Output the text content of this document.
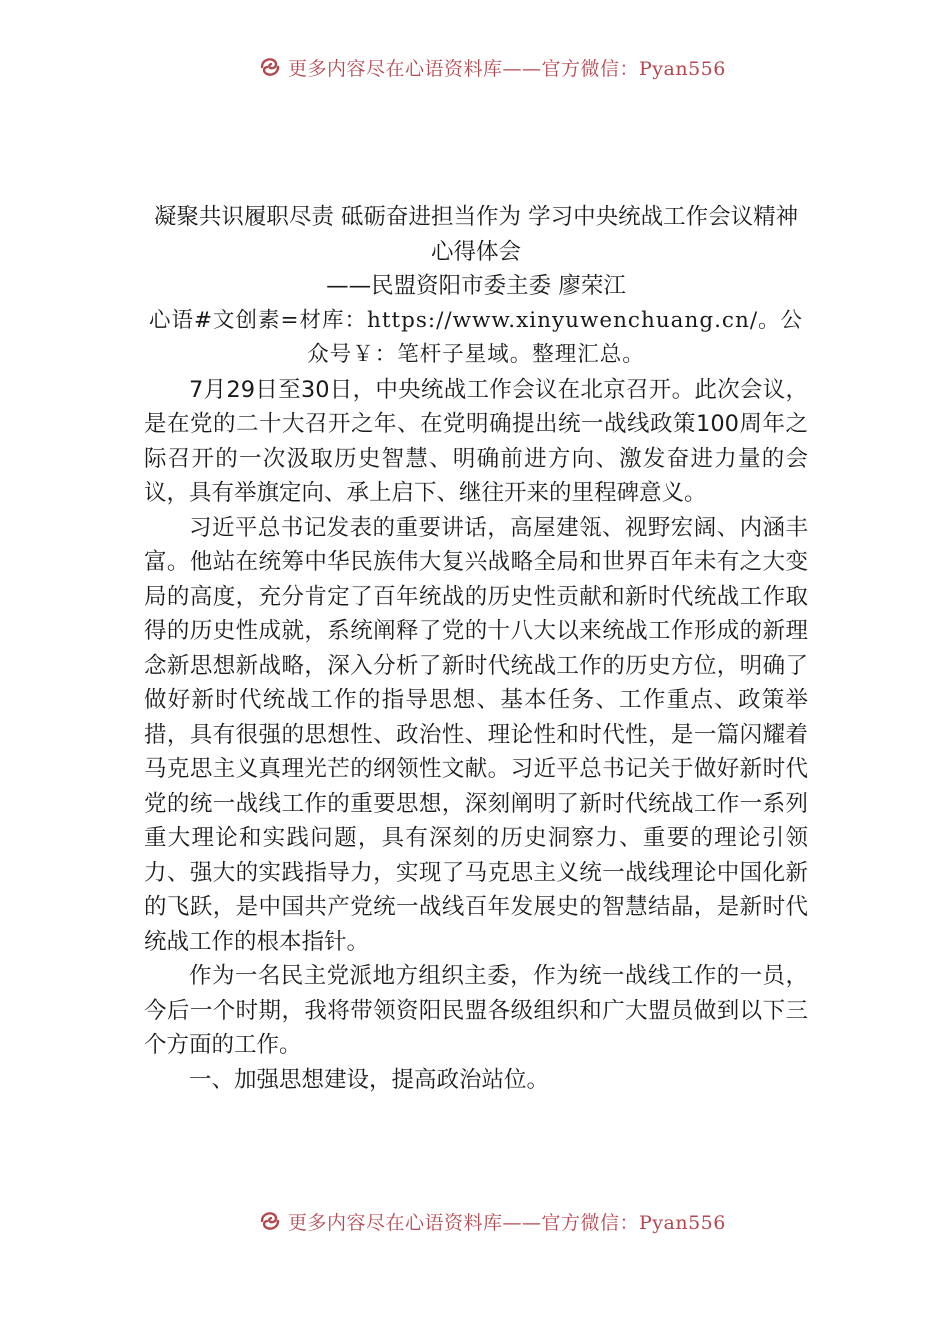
更多内容尽在心语资料库——官方微信：Pyan556
凝聚共识履职尽责 砥砺奋进担当作为 学习中央统战工作会议精神心得体会

——民盟资阳市委主委 廖荣江

心语#文创素=材库：https://www.xinyuwenchuang.cn/。公众号￥：笔杆子星域。整理汇总。

7月29日至30日，中央统战工作会议在北京召开。此次会议，是在党的二十大召开之年、在党明确提出统一战线政策100周年之际召开的一次汲取历史智慧、明确前进方向、激发奋进力量的会议，具有举旗定向、承上启下、继往开来的里程碑意义。

习近平总书记发表的重要讲话，高屋建瓴、视野宏阔、内涵丰富。他站在统筹中华民族伟大复兴战略全局和世界百年未有之大变局的高度，充分肯定了百年统战的历史性贡献和新时代统战工作取得的历史性成就，系统阐释了党的十八大以来统战工作形成的新理念新思想新战略，深入分析了新时代统战工作的历史方位，明确了做好新时代统战工作的指导思想、基本任务、工作重点、政策举措，具有很强的思想性、政治性、理论性和时代性，是一篇闪耀着马克思主义真理光芒的纲领性文献。习近平总书记关于做好新时代党的统一战线工作的重要思想，深刻阐明了新时代统战工作一系列重大理论和实践问题，具有深刻的历史洞察力、重要的理论引领力、强大的实践指导力，实现了马克思主义统一战线理论中国化新的飞跃，是中国共产党统一战线百年发展史的智慧结晶，是新时代统战工作的根本指针。

作为一名民主党派地方组织主委，作为统一战线工作的一员，今后一个时期，我将带领资阳民盟各级组织和广大盟员做到以下三个方面的工作。

一、加强思想建设，提高政治站位。

更多内容尽在心语资料库——官方微信：Pyan556
